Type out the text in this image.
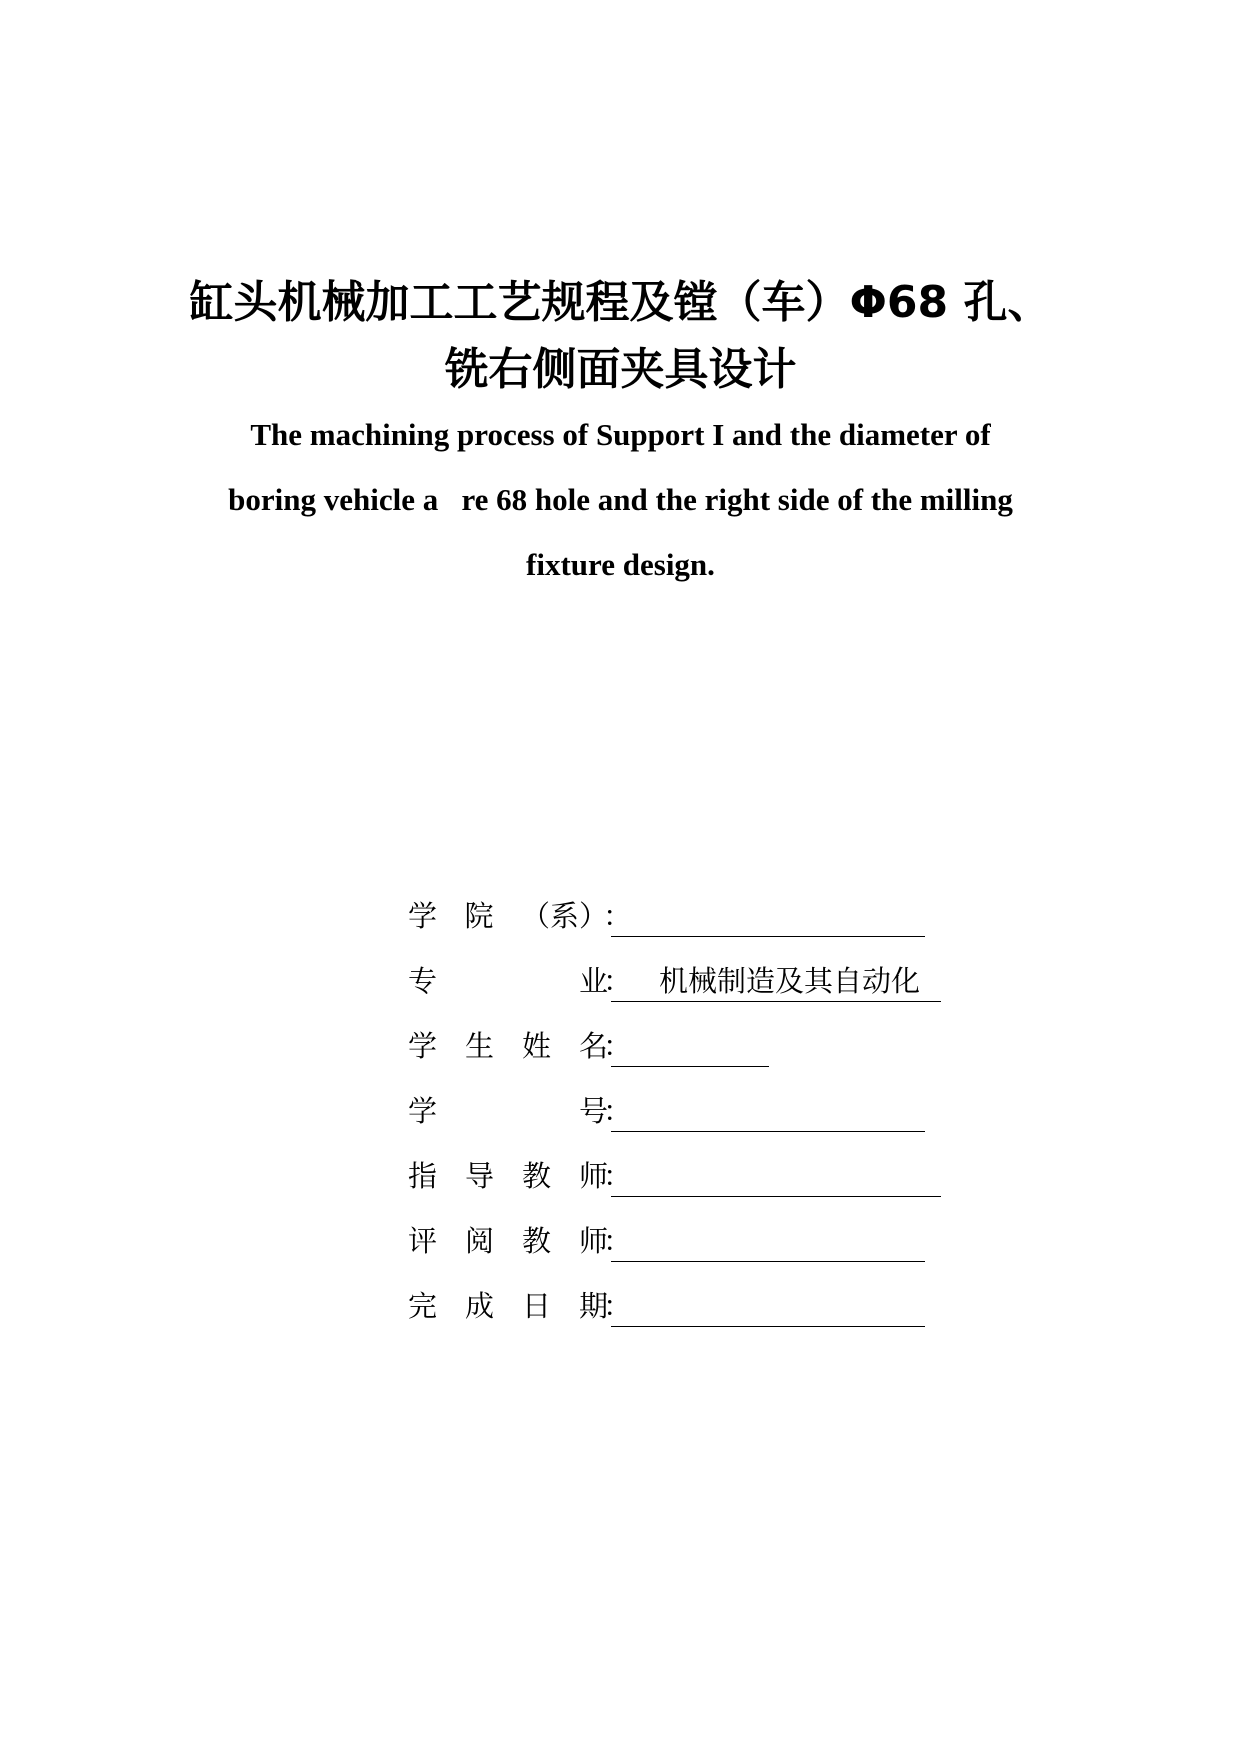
缸头机械加工工艺规程及镗（车）Φ68 孔、
铣右侧面夹具设计

The machining process of Support I and the diameter of

boring vehicle a   re 68 hole and the right side of the milling

fixture design.

学 院 （系）
：
专	业
： 机械制造及其自动化
学 生 姓 名
：
学	号
：
指 导 教 师
：
评 阅 教 师
：
完 成 日 期
：
